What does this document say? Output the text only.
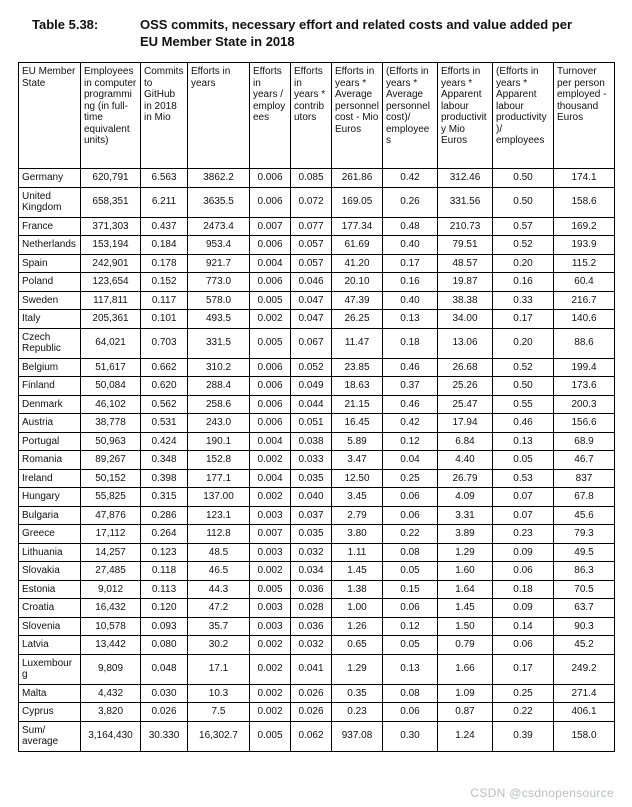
Table 5.38:	OSS commits, necessary effort and related costs and value added per EU Member State in 2018
EU Member State	Employees in computer programming (in full-time equivalent units)	Commits to GitHub in 2018 in Mio	Efforts in years	Efforts in years / employees	Efforts in years * contributors	Efforts in years * Average personnel cost - Mio Euros	(Efforts in years * Average personnel cost)/ employees	Efforts in years * Apparent labour productivity Mio Euros	(Efforts in years * Apparent labour productivity )/ employees	Turnover per person employed - thousand Euros
Germany	620,791	6.563	3862.2	0.006	0.085	261.86	0.42	312.46	0.50	174.1
United Kingdom	658,351	6.211	3635.5	0.006	0.072	169.05	0.26	331.56	0.50	158.6
France	371,303	0.437	2473.4	0.007	0.077	177.34	0.48	210.73	0.57	169.2
Netherlands	153,194	0.184	953.4	0.006	0.057	61.69	0.40	79.51	0.52	193.9
Spain	242,901	0.178	921.7	0.004	0.057	41.20	0.17	48.57	0.20	115.2
Poland	123,654	0.152	773.0	0.006	0.046	20.10	0.16	19.87	0.16	60.4
Sweden	117,811	0.117	578.0	0.005	0.047	47.39	0.40	38.38	0.33	216.7
Italy	205,361	0.101	493.5	0.002	0.047	26.25	0.13	34.00	0.17	140.6
Czech Republic	64,021	0.703	331.5	0.005	0.067	11.47	0.18	13.06	0.20	88.6
Belgium	51,617	0.662	310.2	0.006	0.052	23.85	0.46	26.68	0.52	199.4
Finland	50,084	0.620	288.4	0.006	0.049	18.63	0.37	25.26	0.50	173.6
Denmark	46,102	0.562	258.6	0.006	0.044	21.15	0.46	25.47	0.55	200.3
Austria	38,778	0.531	243.0	0.006	0.051	16.45	0.42	17.94	0.46	156.6
Portugal	50,963	0.424	190.1	0.004	0.038	5.89	0.12	6.84	0.13	68.9
Romania	89,267	0.348	152.8	0.002	0.033	3.47	0.04	4.40	0.05	46.7
Ireland	50,152	0.398	177.1	0.004	0.035	12.50	0.25	26.79	0.53	837
Hungary	55,825	0.315	137.00	0.002	0.040	3.45	0.06	4.09	0.07	67.8
Bulgaria	47,876	0.286	123.1	0.003	0.037	2.79	0.06	3.31	0.07	45.6
Greece	17,112	0.264	112.8	0.007	0.035	3.80	0.22	3.89	0.23	79.3
Lithuania	14,257	0.123	48.5	0.003	0.032	1.11	0.08	1.29	0.09	49.5
Slovakia	27,485	0.118	46.5	0.002	0.034	1.45	0.05	1.60	0.06	86.3
Estonia	9,012	0.113	44.3	0.005	0.036	1.38	0.15	1.64	0.18	70.5
Croatia	16,432	0.120	47.2	0.003	0.028	1.00	0.06	1.45	0.09	63.7
Slovenia	10,578	0.093	35.7	0.003	0.036	1.26	0.12	1.50	0.14	90.3
Latvia	13,442	0.080	30.2	0.002	0.032	0.65	0.05	0.79	0.06	45.2
Luxembourg	9,809	0.048	17.1	0.002	0.041	1.29	0.13	1.66	0.17	249.2
Malta	4,432	0.030	10.3	0.002	0.026	0.35	0.08	1.09	0.25	271.4
Cyprus	3,820	0.026	7.5	0.002	0.026	0.23	0.06	0.87	0.22	406.1
Sum/ average	3,164,430	30.330	16,302.7	0.005	0.062	937.08	0.30	1.24	0.39	158.0
CSDN @csdnopensource
